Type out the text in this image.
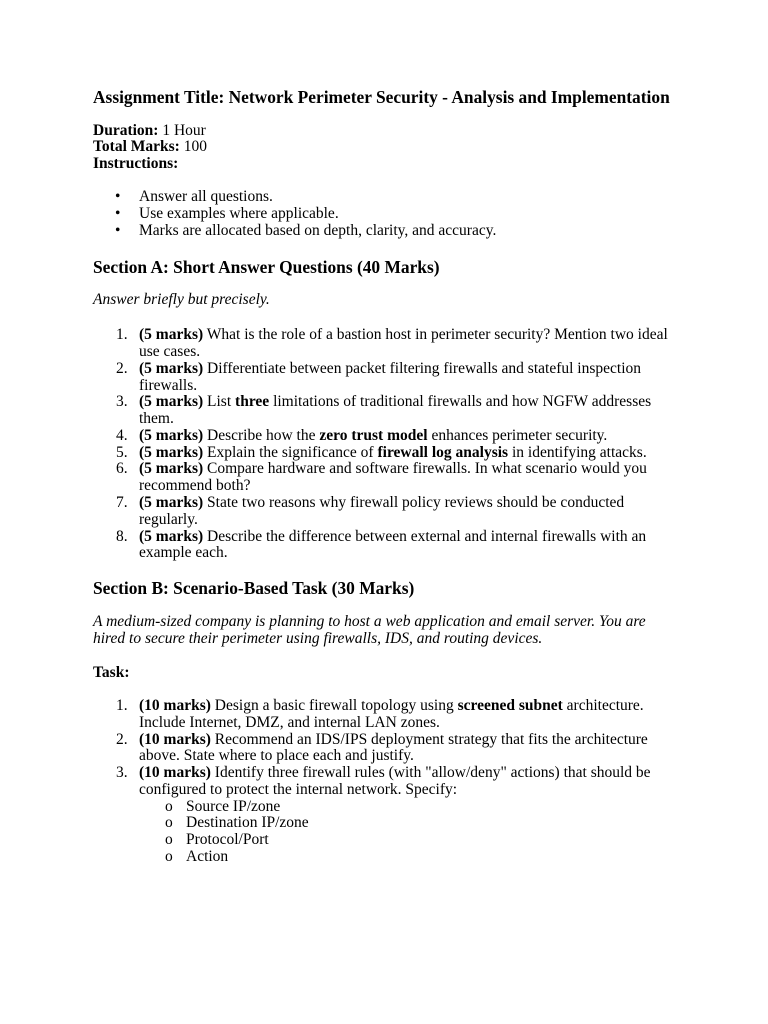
Assignment Title: Network Perimeter Security - Analysis and Implementation
Duration: 1 Hour
Total Marks: 100
Instructions:
• Answer all questions.
• Use examples where applicable.
• Marks are allocated based on depth, clarity, and accuracy.
Section A: Short Answer Questions (40 Marks)
Answer briefly but precisely.
1. (5 marks) What is the role of a bastion host in perimeter security? Mention two ideal use cases.
2. (5 marks) Differentiate between packet filtering firewalls and stateful inspection firewalls.
3. (5 marks) List three limitations of traditional firewalls and how NGFW addresses them.
4. (5 marks) Describe how the zero trust model enhances perimeter security.
5. (5 marks) Explain the significance of firewall log analysis in identifying attacks.
6. (5 marks) Compare hardware and software firewalls. In what scenario would you recommend both?
7. (5 marks) State two reasons why firewall policy reviews should be conducted regularly.
8. (5 marks) Describe the difference between external and internal firewalls with an example each.
Section B: Scenario-Based Task (30 Marks)
A medium-sized company is planning to host a web application and email server. You are hired to secure their perimeter using firewalls, IDS, and routing devices.
Task:
1. (10 marks) Design a basic firewall topology using screened subnet architecture. Include Internet, DMZ, and internal LAN zones.
2. (10 marks) Recommend an IDS/IPS deployment strategy that fits the architecture above. State where to place each and justify.
3. (10 marks) Identify three firewall rules (with "allow/deny" actions) that should be configured to protect the internal network. Specify:
o Source IP/zone
o Destination IP/zone
o Protocol/Port
o Action
